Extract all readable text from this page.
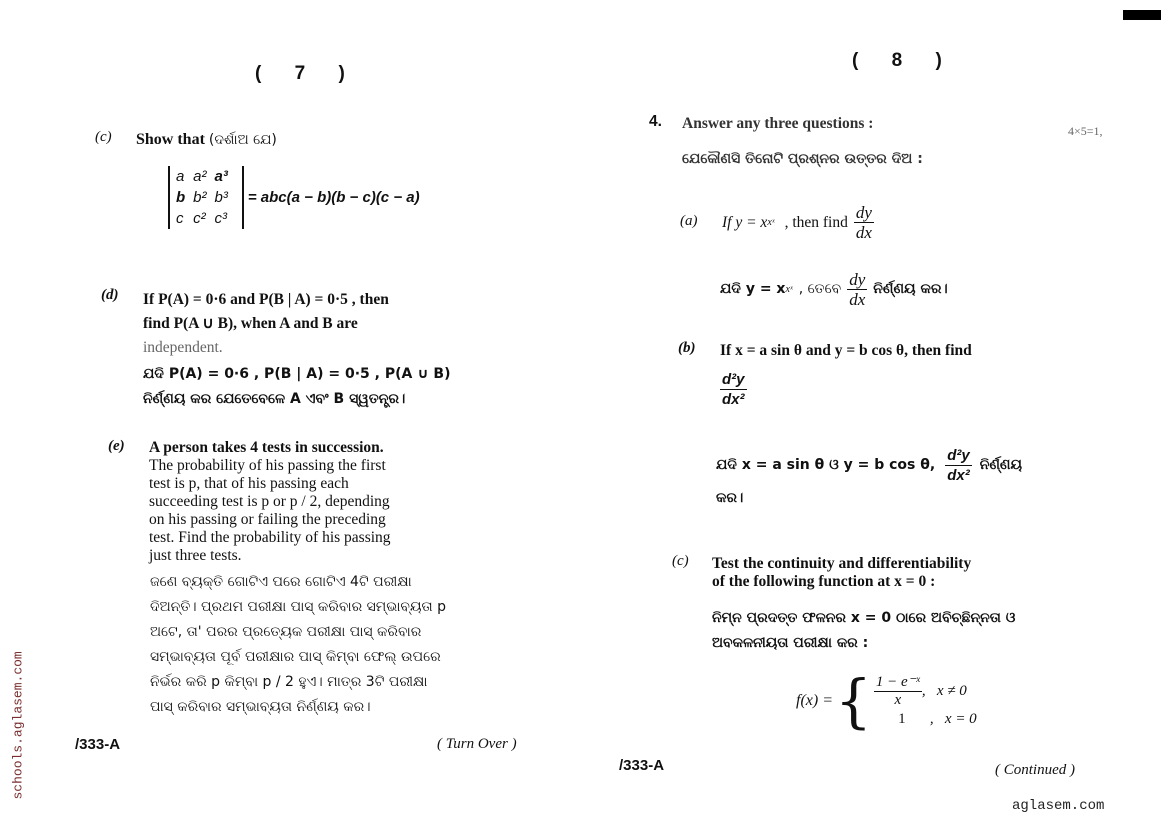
( 7 )
(c) Show that (ଦର୍ଶାଅ ଯେ)
a	a²	a³
b	b²	b³
c	c²	c³
= abc(a − b)(b − c)(c − a)
(d) If P(A) = 0·6 and P(B | A) = 0·5 , then
find P(A ∪ B), when A and B are
independent.
ଯଦି P(A) = 0·6 , P(B | A) = 0·5 , P(A ∪ B)
ନିର୍ଣ୍ଣୟ କର ଯେତେବେଳେ A ଏବଂ B ସ୍ୱତନ୍ତ୍ର।
(e) A person takes 4 tests in succession.
The probability of his passing the first
test is p, that of his passing each
succeeding test is p or p / 2, depending
on his passing or failing the preceding
test. Find the probability of his passing
just three tests.
ଜଣେ ବ୍ୟକ୍ତି ଗୋଟିଏ ପରେ ଗୋଟିଏ 4ଟି ପରୀକ୍ଷା
ଦିଅନ୍ତି। ପ୍ରଥମ ପରୀକ୍ଷା ପାସ୍ କରିବାର ସମ୍ଭାବ୍ୟତା p
ଅଟେ, ତା' ପରର ପ୍ରତ୍ୟେକ ପରୀକ୍ଷା ପାସ୍ କରିବାର
ସମ୍ଭାବ୍ୟତା ପୂର୍ବ ପରୀକ୍ଷାର ପାସ୍ କିମ୍ବା ଫେଲ୍ ଉପରେ
ନିର୍ଭର କରି p କିମ୍ବା p / 2 ହୁଏ। ମାତ୍ର 3ଟି ପରୀକ୍ଷା
ପାସ୍ କରିବାର ସମ୍ଭାବ୍ୟତା ନିର୍ଣ୍ଣୟ କର।
/333-A	( Turn Over )
schools.aglasem.com
( 8 )
4. Answer any three questions :	4×5=1,
ଯେକୌଣସି ତିନୋଟି ପ୍ରଶ୍ନର ଉତ୍ତର ଦିଅ :
(a) If y = x xˣ , then find $\frac{dy}{dx}$
ଯଦି y = x xˣ , ତେବେ $\frac{dy}{dx}$ ନିର୍ଣ୍ଣୟ କର।
(b) If x = a sin θ and y = b cos θ, then find
$\frac{\text{d²y}}{\text{dx²}}$
ଯଦି x = a sin θ ଓ y = b cos θ, $\frac{\text{d²y}}{\text{dx²}}$ ନିର୍ଣ୍ଣୟ
କର।
(c) Test the continuity and differentiability
of the following function at x = 0 :
ନିମ୍ନ ପ୍ରଦତ୍ତ ଫଳନର x = 0 ଠାରେ ଅବିଚ୍ଛିନ୍ନତା ଓ
ଅବକଳନୀୟତା ପରୀକ୍ଷା କର :
f(x) = { $\frac{\text{1 − e⁻ˣ}}{x}$ ,   x ≠ 0
1	,   x = 0
/333-A	( Continued )
aglasem.com
